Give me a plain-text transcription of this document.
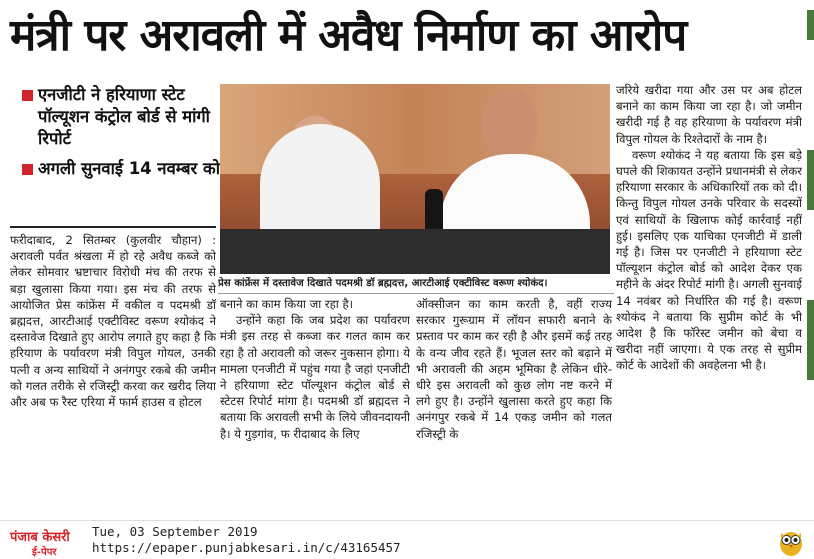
मंत्री पर अरावली में अवैध निर्माण का आरोप
एनजीटी ने हरियाणा स्टेट पॉल्यूशन कंट्रोल बोर्ड से मांगी रिपोर्ट
अगली सुनवाई 14 नवम्बर को

फरीदाबाद, 2 सितम्बर (कुलवीर चौहान) : अरावली पर्वत श्रंखला में हो रहे अवैध कब्जे को लेकर सोमवार भ्रष्टाचार विरोधी मंच की तरफ से बड़ा खुलासा किया गया। इस मंच की तरफ से आयोजित प्रेस कांफ्रेंस में वकील व पदमश्री डॉ ब्रह्मदत्त, आरटीआई एक्टीविस्ट वरूण श्योकंद ने दस्तावेज दिखाते हुए आरोप लगाते हुए कहा है कि हरियाण के पर्यावरण मंत्री विपुल गोयल, उनकी पत्नी व अन्य साथियों ने अनंगपुर रकबे की जमीन को गलत तरीके से रजिस्ट्री करवा कर खरीद लिया और अब फ रैस्ट एरिया में फार्म हाउस व होटल

प्रेस कांफ्रेंस में दस्तावेज दिखाते पदमश्री डॉ ब्रह्मदत्त, आरटीआई एक्टीविस्ट वरूण श्योकंद।

बनाने का काम किया जा रहा है।

उन्होंने कहा कि जब प्रदेश का पर्यावरण मंत्री इस तरह से कब्जा कर गलत काम कर रहा है तो अरावली को जरूर नुकसान होगा। ये मामला एनजीटी में पहुंच गया है जहां एनजीटी ने हरियाणा स्टेट पॉल्यूशन कंट्रोल बोर्ड से स्टेटस रिपोर्ट मांगा है। पदमश्री डॉ ब्रह्मदत्त ने बताया कि अरावली सभी के लिये जीवनदायनी है। ये गुड़गांव, फ रीदाबाद के लिए

ऑक्सीजन का काम करती है, वहीं राज्य सरकार गुरूग्राम में लॉयन सफारी बनाने के प्रस्ताव पर काम कर रही है और इसमें कई तरह के वन्य जीव रहते हैं। भूजल स्तर को बढ़ाने में भी अरावली की अहम भूमिका है लेकिन धीरे-धीरे इस अरावली को कुछ लोग नष्ट करने में लगे हुए है। उन्होंने खुलासा करते हुए कहा कि अनंगपुर रकबे में 14 एकड़ जमीन को गलत रजिस्ट्री के

जरिये खरीदा गया और उस पर अब होटल बनाने का काम किया जा रहा है। जो जमीन खरीदी गई है वह हरियाणा के पर्यावरण मंत्री विपुल गोयल के रिश्तेदारों के नाम है।

वरूण श्योकंद ने यह बताया कि इस बड़े घपले की शिकायत उन्होंने प्रधानमंत्री से लेकर हरियाणा सरकार के अधिकारियों तक को दी। किन्तु विपुल गोयल उनके परिवार के सदस्यों एवं साथियों के खिलाफ कोई कार्रवाई नहीं हुई। इसलिए एक याचिका एनजीटी में डाली गई है। जिस पर एनजीटी ने हरियाणा स्टेट पॉल्यूशन कंट्रोल बोर्ड को आदेश देकर एक महीने के अंदर रिपोर्ट मांगी है। अगली सुनवाई 14 नवंबर को निर्धारित की गई है। वरूण श्योकंद ने बताया कि सुप्रीम कोर्ट के भी आदेश है कि फॉरेस्ट जमीन को बेचा व खरीदा नहीं जाएगा। ये एक तरह से सुप्रीम कोर्ट के आदेशों की अवहेलना भी है।

पंजाब केसरी
ई-पेपर
Tue, 03 September 2019
https://epaper.punjabkesari.in/c/43165457
